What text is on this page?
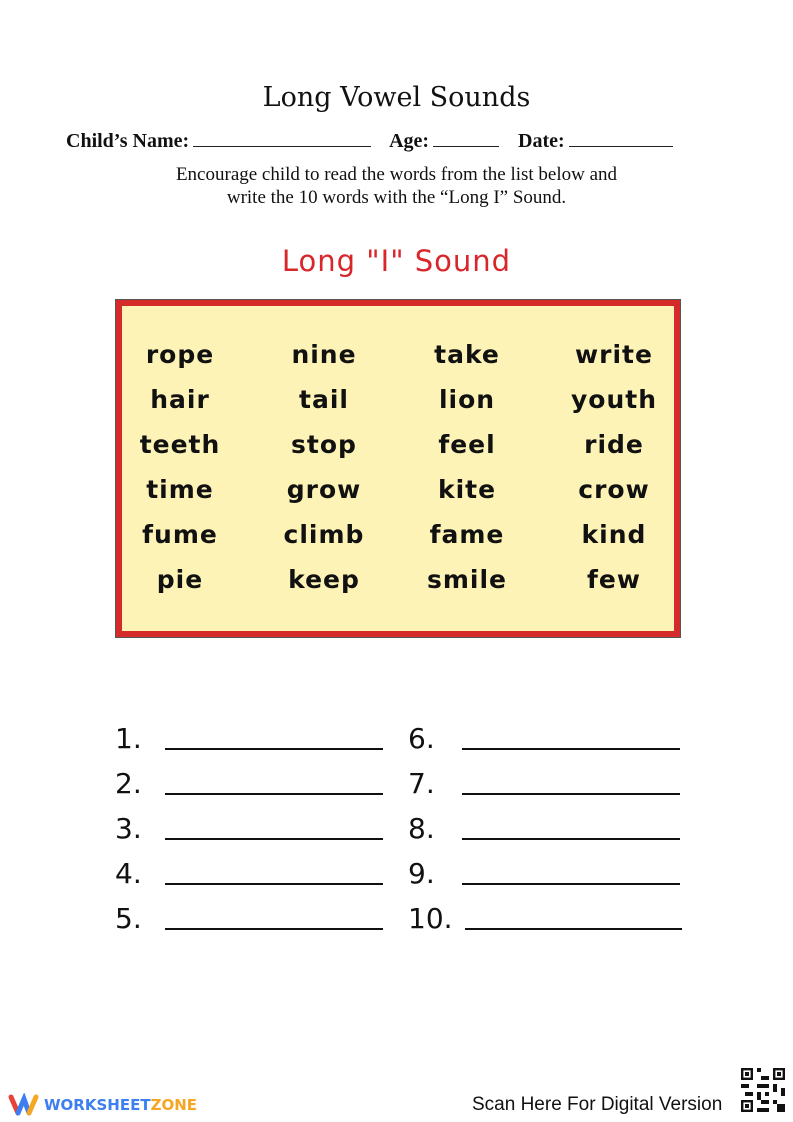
Long Vowel Sounds
Child’s Name:	Age:	Date:
Encourage child to read the words from the list below and
write the 10 words with the “Long I” Sound.
Long "I" Sound
rope	nine	take	write
hair	tail	lion	youth
teeth	stop	feel	ride
time	grow	kite	crow
fume	climb	fame	kind
pie	keep	smile	few
1.
2.
3.
4.
5.
6.
7.
8.
9.
10.
WORKSHEET ZONE	Scan Here For Digital Version
